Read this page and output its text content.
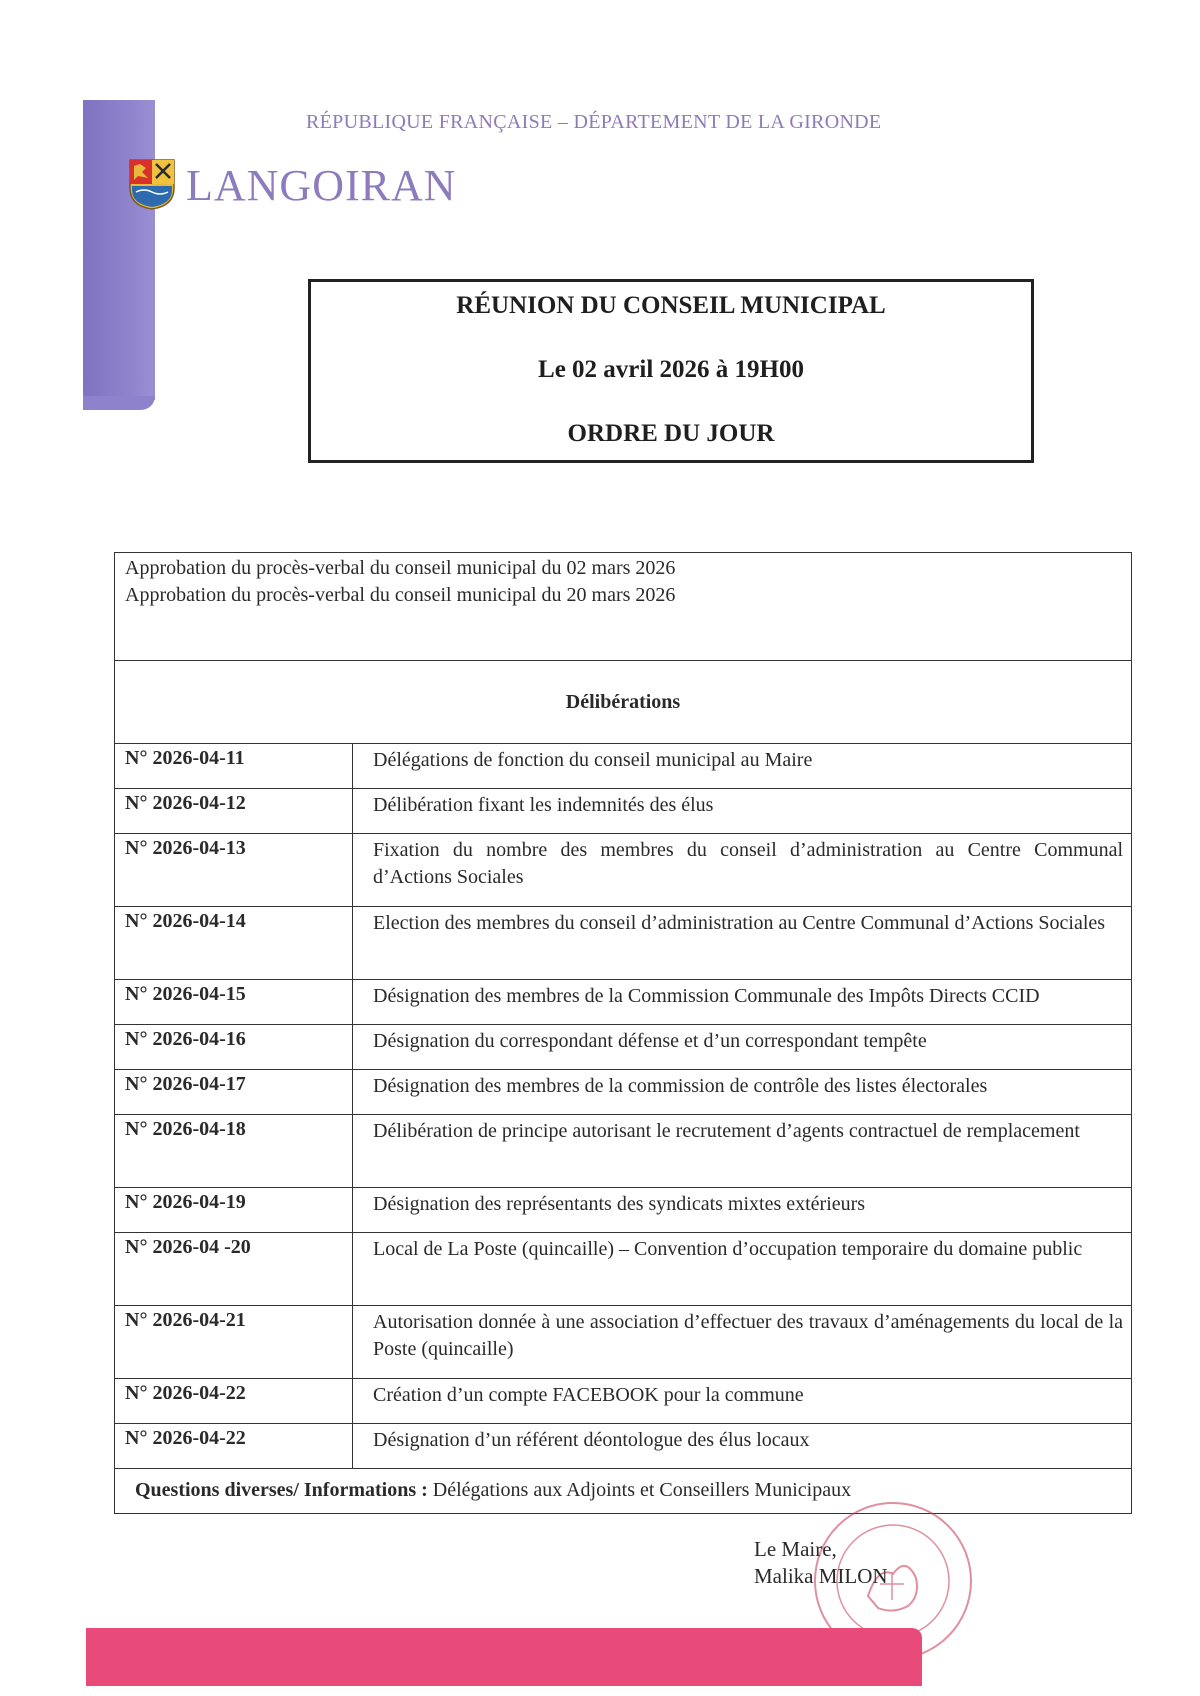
RÉPUBLIQUE FRANÇAISE – DÉPARTEMENT DE LA GIRONDE
LANGOIRAN
RÉUNION DU CONSEIL MUNICIPAL
Le 02 avril 2026 à 19H00
ORDRE DU JOUR
Approbation du procès-verbal du conseil municipal du 02 mars 2026
Approbation du procès-verbal du conseil municipal du 20 mars 2026
Délibérations
N° 2026-04-11	Délégations de fonction du conseil municipal au Maire
N° 2026-04-12	Délibération fixant les indemnités des élus
N° 2026-04-13	Fixation du nombre des membres du conseil d’administration au Centre Communal d’Actions Sociales
N° 2026-04-14	Election des membres du conseil d’administration au Centre Communal d’Actions Sociales
N° 2026-04-15	Désignation des membres de la Commission Communale des Impôts Directs CCID
N° 2026-04-16	Désignation du correspondant défense et d’un correspondant tempête
N° 2026-04-17	Désignation des membres de la commission de contrôle des listes électorales
N° 2026-04-18	Délibération de principe autorisant le recrutement d’agents contractuel de remplacement
N° 2026-04-19	Désignation des représentants des syndicats mixtes extérieurs
N° 2026-04 -20	Local de La Poste (quincaille) – Convention d’occupation temporaire du domaine public
N° 2026-04-21	Autorisation donnée à une association d’effectuer des travaux d’aménagements du local de la Poste (quincaille)
N° 2026-04-22	Création d’un compte FACEBOOK pour la commune
N° 2026-04-22	Désignation d’un référent déontologue des élus locaux
Questions diverses/ Informations : Délégations aux Adjoints et Conseillers Municipaux
Le Maire,
Malika MILON
